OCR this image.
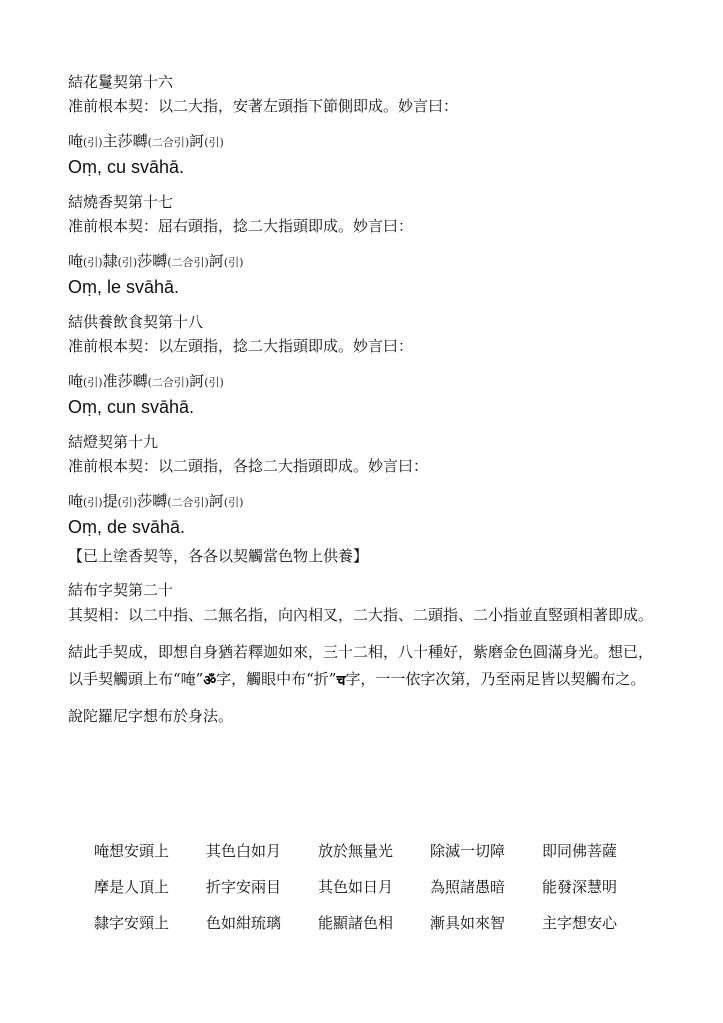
結花鬘契第十六
准前根本契：以二大指，安著左頭指下節側即成。妙言曰：
唵(引)主莎嚩(二合引)訶(引)
Oṃ, cu svāhā.
結燒香契第十七
准前根本契：屈右頭指，捻二大指頭即成。妙言曰：
唵(引)隸(引)莎嚩(二合引)訶(引)
Oṃ, le svāhā.
結供養飲食契第十八
准前根本契：以左頭指，捻二大指頭即成。妙言曰：
唵(引)准莎嚩(二合引)訶(引)
Oṃ, cun svāhā.
結燈契第十九
准前根本契：以二頭指，各捻二大指頭即成。妙言曰：
唵(引)提(引)莎嚩(二合引)訶(引)
Oṃ, de svāhā.
【已上塗香契等，各各以契觸當色物上供養】
結布字契第二十
其契相：以二中指、二無名指，向內相叉，二大指、二頭指、二小指並直竪頭相著即成。
結此手契成，即想自身猶若釋迦如來，三十二相，八十種好，紫磨金色圓滿身光。想已，以手契觸頭上布“唵”ॐ字，觸眼中布“折”च字，一一依字次第，乃至兩足皆以契觸布之。
說陀羅尼字想布於身法。
唵想安頭上	其色白如月	放於無量光	除滅一切障	即同佛菩薩
摩是人頂上	折字安兩目	其色如日月	為照諸愚暗	能發深慧明
隸字安頸上	色如紺琉璃	能顯諸色相	漸具如來智	主字想安心
